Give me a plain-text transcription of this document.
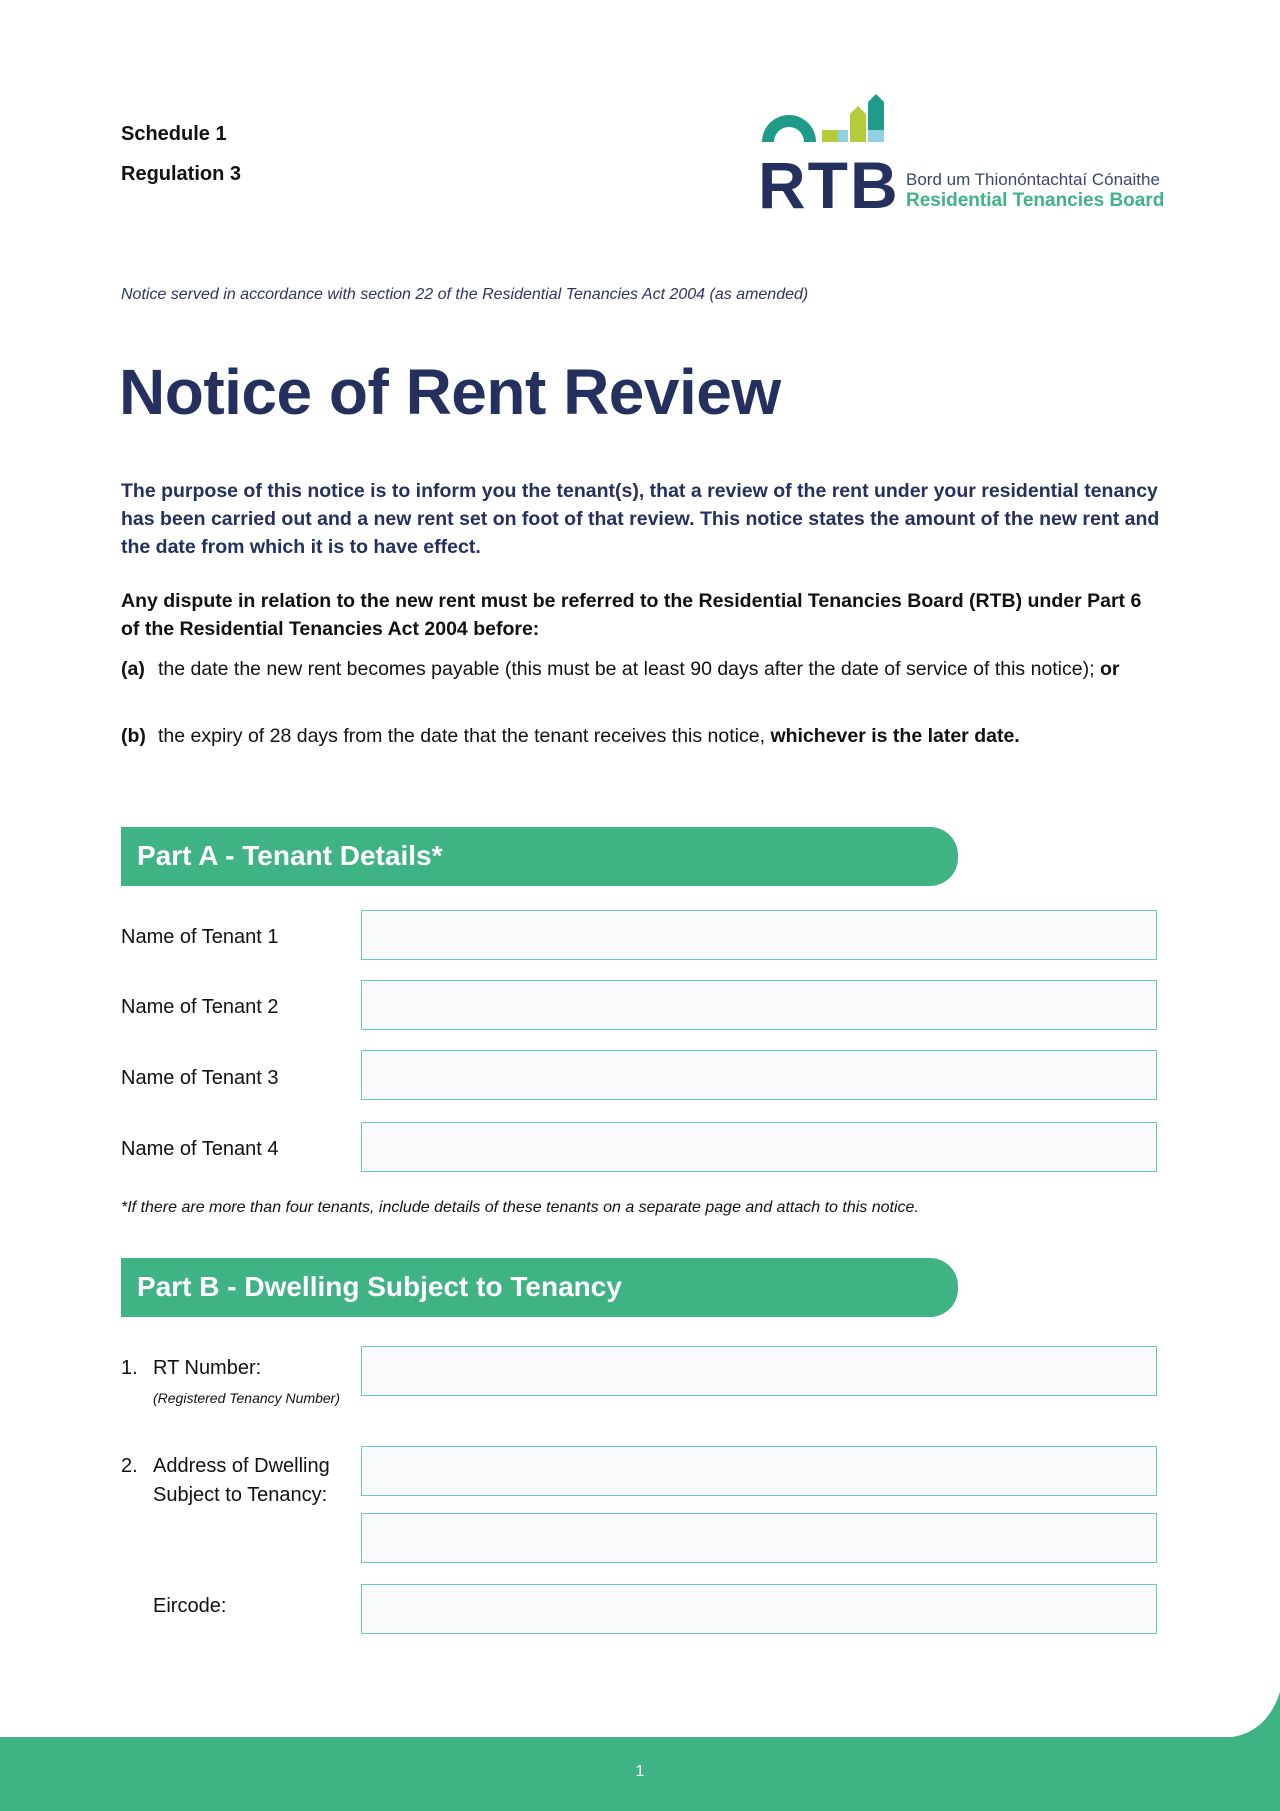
Schedule 1
Regulation 3	RTB Bord um Thionóntachtaí Cónaithe
Residential Tenancies Board
Notice served in accordance with section 22 of the Residential Tenancies Act 2004 (as amended)
Notice of Rent Review
The purpose of this notice is to inform you the tenant(s), that a review of the rent under your residential tenancy has been carried out and a new rent set on foot of that review. This notice states the amount of the new rent and the date from which it is to have effect.
Any dispute in relation to the new rent must be referred to the Residential Tenancies Board (RTB) under Part 6 of the Residential Tenancies Act 2004 before:
(a) the date the new rent becomes payable (this must be at least 90 days after the date of service of this notice); or
(b) the expiry of 28 days from the date that the tenant receives this notice, whichever is the later date.
Part A - Tenant Details*
Name of Tenant 1
Name of Tenant 2
Name of Tenant 3
Name of Tenant 4
*If there are more than four tenants, include details of these tenants on a separate page and attach to this notice.
Part B - Dwelling Subject to Tenancy
1. RT Number:
(Registered Tenancy Number)
2. Address of Dwelling
Subject to Tenancy:
Eircode:
1
